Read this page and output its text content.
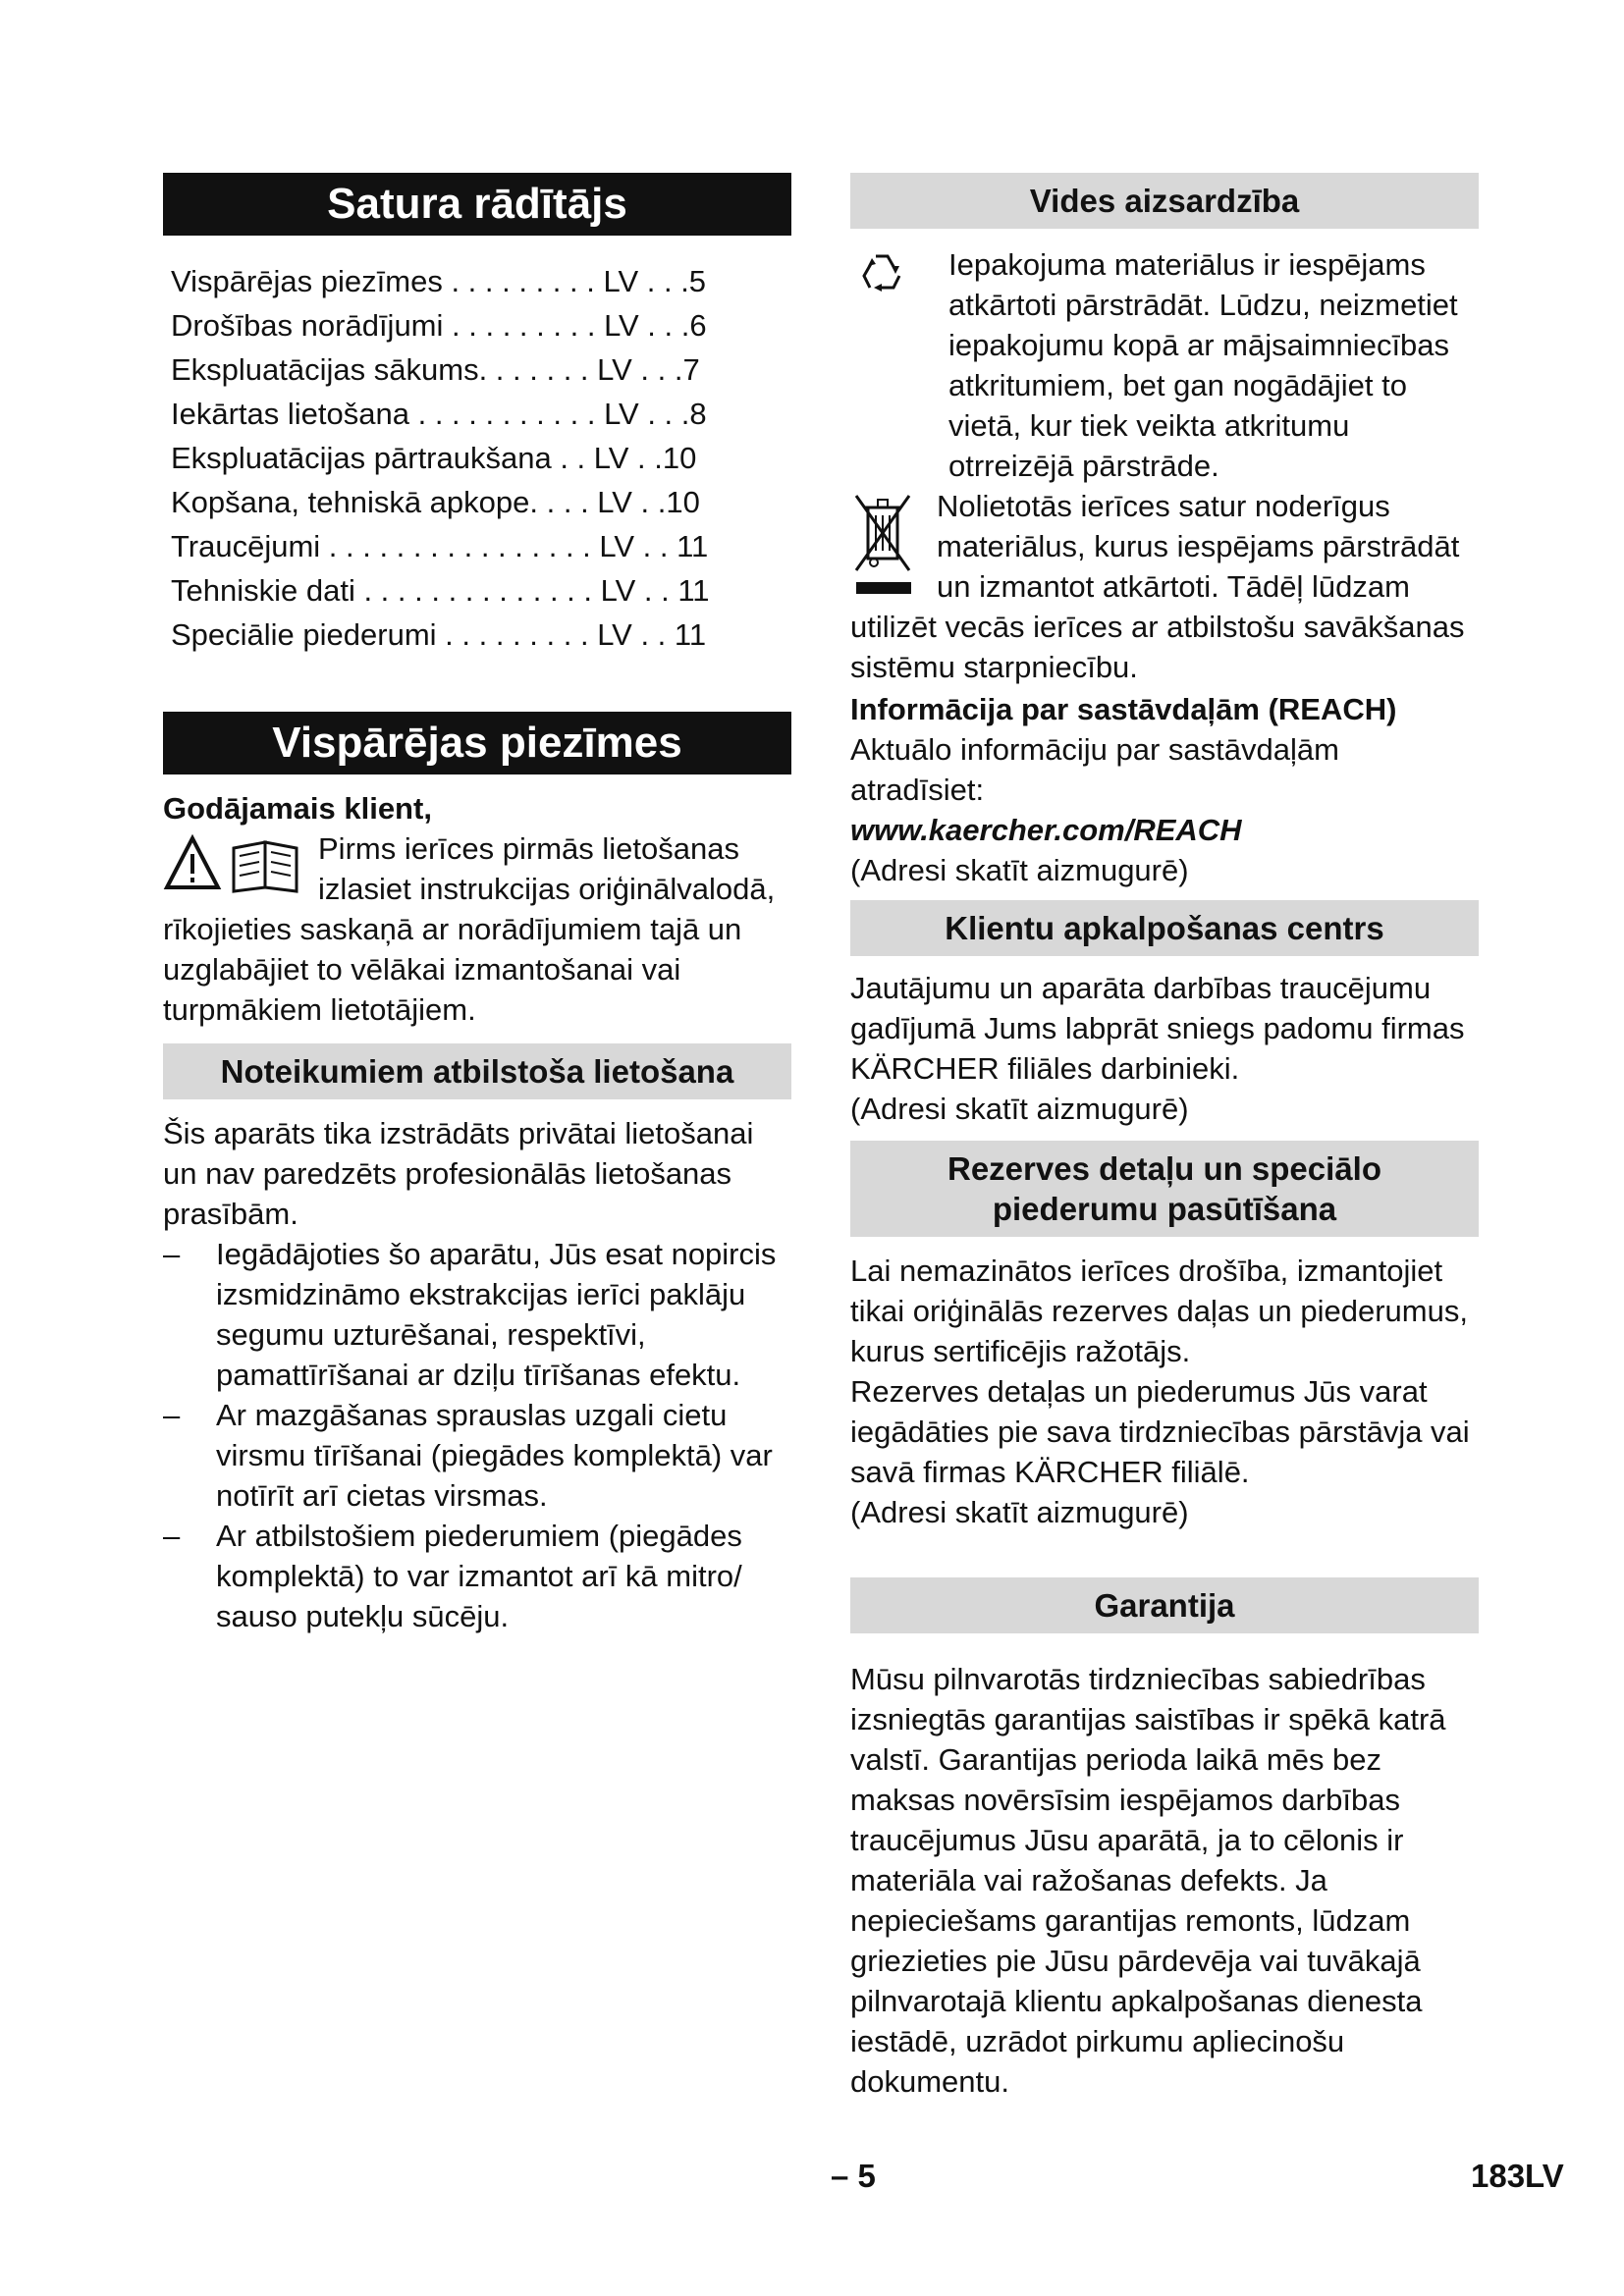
Satura rādītājs
Vispārējas piezīmes . . . . . . . . . LV . . .5
Drošības norādījumi . . . . . . . . . LV . . .6
Ekspluatācijas sākums . . . . . . . LV . . .7
Iekārtas lietošana . . . . . . . . . . . LV . . .8
Ekspluatācijas pārtraukšana . . LV . .10
Kopšana, tehniskā apkope . . . . LV . .10
Traucējumi . . . . . . . . . . . . . . . . LV . . 11
Tehniskie dati . . . . . . . . . . . . . . LV . . 11
Speciālie piederumi . . . . . . . . . LV . . 11
Vispārējas piezīmes

Godājamais klient,

Pirms ierīces pirmās lietošanas izlasiet instrukcijas oriģinālvalodā, rīkojieties saskaņā ar norādījumiem tajā un uzglabājiet to vēlākai izmantošanai vai turpmākiem lietotājiem.

Noteikumiem atbilstoša lietošana

Šis aparāts tika izstrādāts privātai lietošanai un nav paredzēts profesionālās lietošanas prasībām.

– Iegādājoties šo aparātu, Jūs esat nopircis izsmidzināmo ekstrakcijas ierīci paklāju segumu uzturēšanai, respektīvi, pamattīrīšanai ar dziļu tīrīšanas efektu.
– Ar mazgāšanas sprauslas uzgali cietu virsmu tīrīšanai (piegādes komplektā) var notīrīt arī cietas virsmas.
– Ar atbilstošiem piederumiem (piegādes komplektā) to var izmantot arī kā mitro/ sauso putekļu sūcēju.
Vides aizsardzība

Iepakojuma materiālus ir iespējams atkārtoti pārstrādāt. Lūdzu, neizmetiet iepakojumu kopā ar mājsaimniecības atkritumiem, bet gan nogādājiet to vietā, kur tiek veikta atkritumu otrreizējā pārstrāde.

Nolietotās ierīces satur noderīgus materiālus, kurus iespējams pārstrādāt un izmantot atkārtoti. Tādēļ lūdzam utilizēt vecās ierīces ar atbilstošu savākšanas sistēmu starpniecību.

Informācija par sastāvdaļām (REACH)

Aktuālo informāciju par sastāvdaļām atradīsiet:

www.kaercher.com/REACH

(Adresi skatīt aizmugurē)

Klientu apkalpošanas centrs

Jautājumu un aparāta darbības traucējumu gadījumā Jums labprāt sniegs padomu firmas KÄRCHER filiāles darbinieki.

(Adresi skatīt aizmugurē)

Rezerves detaļu un speciālo
piederumu pasūtīšana

Lai nemazinātos ierīces drošība, izmantojiet tikai oriģinālās rezerves daļas un piederumus, kurus sertificējis ražotājs.

Rezerves detaļas un piederumus Jūs varat iegādāties pie sava tirdzniecības pārstāvja vai savā firmas KÄRCHER filiālē.

(Adresi skatīt aizmugurē)

Garantija

Mūsu pilnvarotās tirdzniecības sabiedrības izsniegtās garantijas saistības ir spēkā katrā valstī. Garantijas perioda laikā mēs bez maksas novērsīsim iespējamos darbības traucējumus Jūsu aparātā, ja to cēlonis ir materiāla vai ražošanas defekts. Ja nepieciešams garantijas remonts, lūdzam griezieties pie Jūsu pārdevēja vai tuvākajā pilnvarotajā klientu apkalpošanas dienesta iestādē, uzrādot pirkumu apliecinošu dokumentu.

– 5	183LV
